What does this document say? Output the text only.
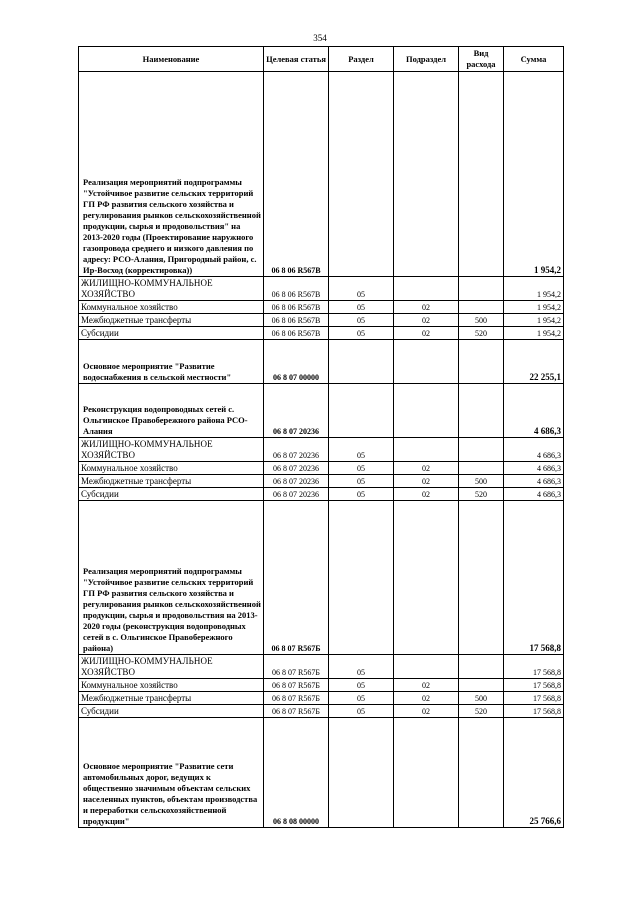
354
Наименование	Целевая статья	Раздел	Подраздел	Вид расхода	Сумма
Реализация мероприятий подпрограммы "Устойчивое развитие сельских территорий ГП РФ развития сельского хозяйства и регулирования рынков сельскохозяйственной продукции, сырья и продовольствия" на 2013-2020 годы (Проектирование наружного газопровода среднего и низкого давления по адресу: РСО-Алания, Пригородный район, с. Ир-Восход (корректировка))	06 8 06 R567В				1 954,2
ЖИЛИЩНО-КОММУНАЛЬНОЕ ХОЗЯЙСТВО	06 8 06 R567В	05			1 954,2
Коммунальное хозяйство	06 8 06 R567В	05	02		1 954,2
Межбюджетные трансферты	06 8 06 R567В	05	02	500	1 954,2
Субсидии	06 8 06 R567В	05	02	520	1 954,2
Основное мероприятие "Развитие водоснабжения в сельской местности"	06 8 07 00000				22 255,1
Реконструкция водопроводных сетей с. Ольгинское Правобережного района РСО-Алания	06 8 07 20236				4 686,3
ЖИЛИЩНО-КОММУНАЛЬНОЕ ХОЗЯЙСТВО	06 8 07 20236	05			4 686,3
Коммунальное хозяйство	06 8 07 20236	05	02		4 686,3
Межбюджетные трансферты	06 8 07 20236	05	02	500	4 686,3
Субсидии	06 8 07 20236	05	02	520	4 686,3
Реализация мероприятий подпрограммы "Устойчивое развитие сельских территорий ГП РФ развития сельского хозяйства и регулирования рынков сельскохозяйственной продукции, сырья и продовольствия на 2013-2020 годы (реконструкция водопроводных сетей в с. Ольгинское Правобережного района)	06 8 07 R567Б				17 568,8
ЖИЛИЩНО-КОММУНАЛЬНОЕ ХОЗЯЙСТВО	06 8 07 R567Б	05			17 568,8
Коммунальное хозяйство	06 8 07 R567Б	05	02		17 568,8
Межбюджетные трансферты	06 8 07 R567Б	05	02	500	17 568,8
Субсидии	06 8 07 R567Б	05	02	520	17 568,8
Основное мероприятие "Развитие сети автомобильных дорог, ведущих к общественно значимым объектам сельских населенных пунктов, объектам производства и переработки сельскохозяйственной продукции"	06 8 08 00000				25 766,6
